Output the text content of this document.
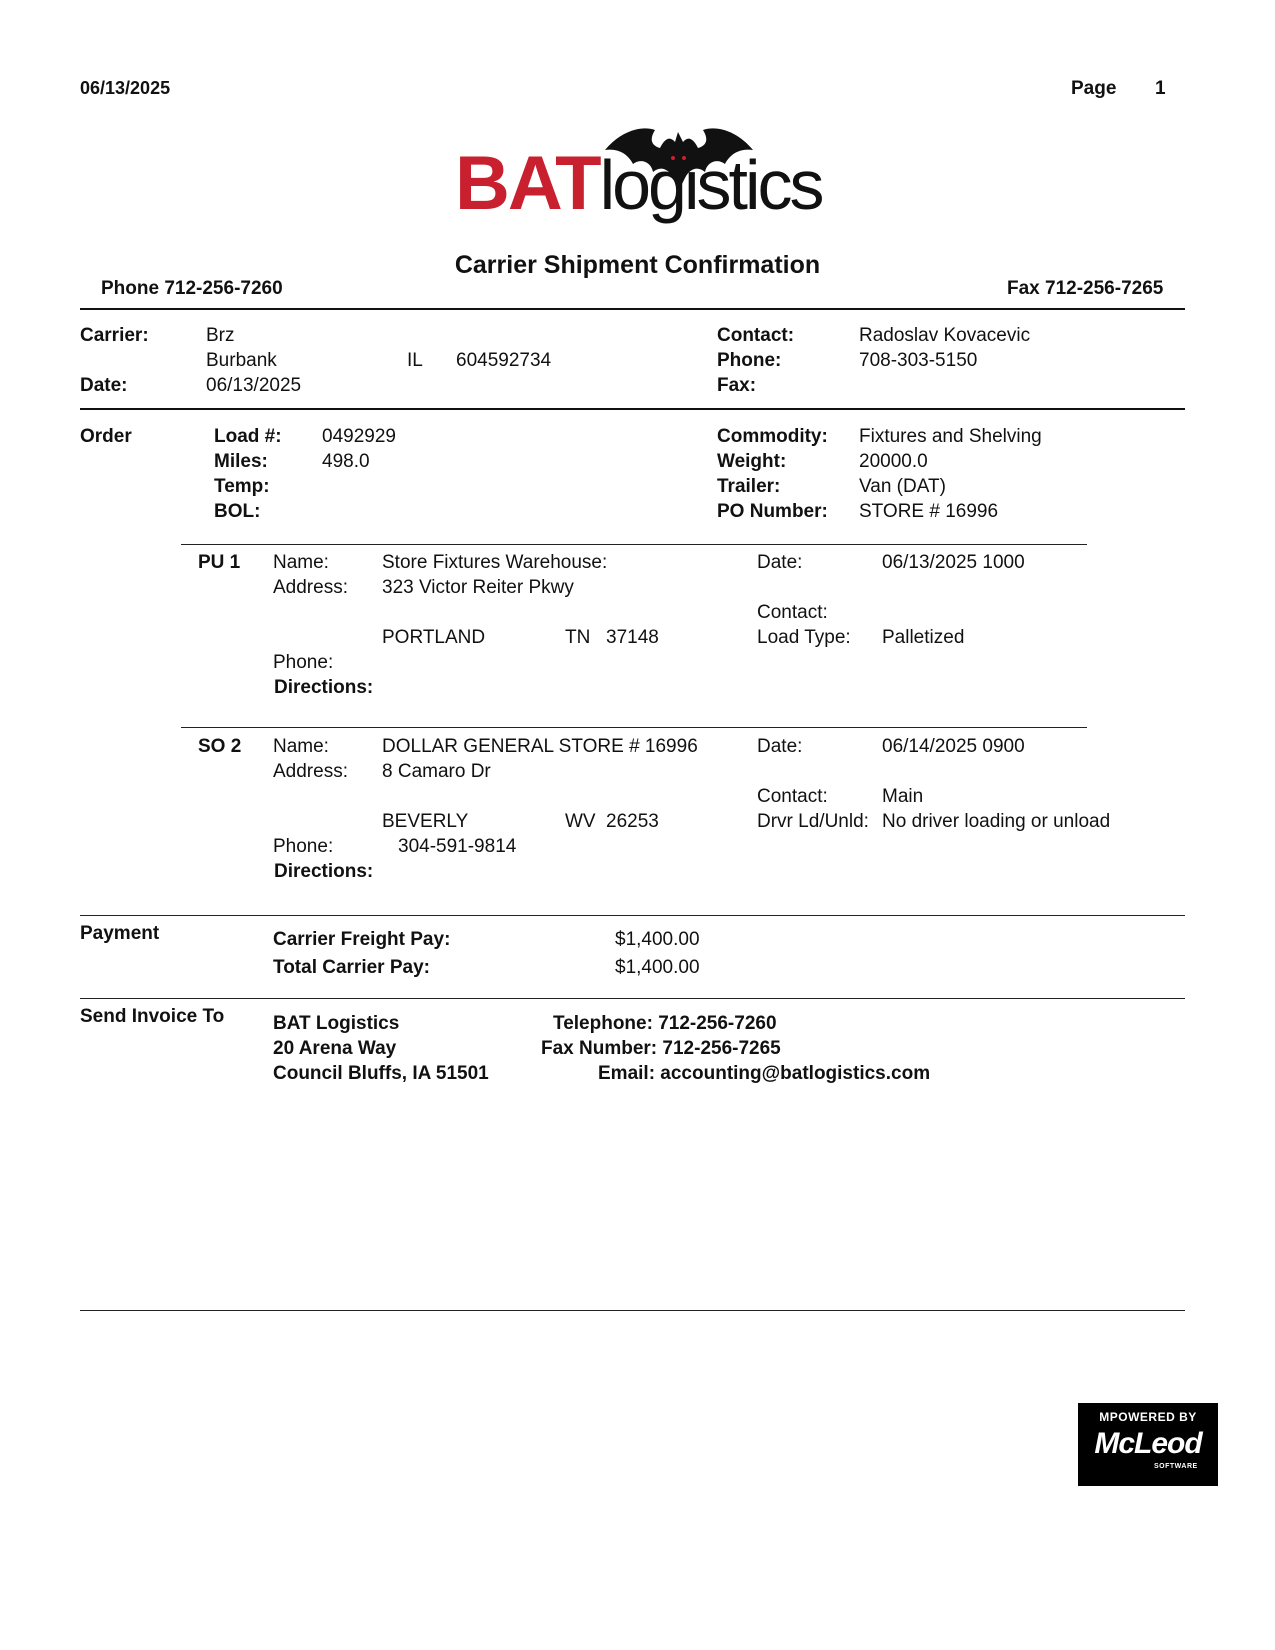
06/13/2025	Page 1
BATlogistics
Carrier Shipment Confirmation
Phone 712-256-7260	Fax 712-256-7265
Carrier:	Brz
Burbank	IL 604592734
Date:	06/13/2025
Contact:	Radoslav Kovacevic
Phone:	708-303-5150
Fax:
Order	Load #: 0492929
Miles:	498.0
Temp:
BOL:
Commodity: Fixtures and Shelving
Weight:	20000.0
Trailer:	Van (DAT)
PO Number: STORE # 16996
PU 1 Name:	Store Fixtures Warehouse:
Address: 323 Victor Reiter Pkwy
PORTLAND	TN 37148
Phone:
Directions:
Date:	06/13/2025 1000
Contact:
Load Type: Palletized
SO 2 Name:	DOLLAR GENERAL STORE # 16996
Address: 8 Camaro Dr
BEVERLY	WV 26253
Phone:	304-591-9814
Directions:
Date:	06/14/2025 0900
Contact:	Main
Drvr Ld/Unld: No driver loading or unload
Payment	Carrier Freight Pay:	$1,400.00
Total Carrier Pay:	$1,400.00
Send Invoice To	BAT Logistics
20 Arena Way
Council Bluffs, IA 51501
Telephone: 712-256-7260
Fax Number: 712-256-7265
Email: accounting@batlogistics.com
MPOWERED BY
McLeod
SOFTWARE
